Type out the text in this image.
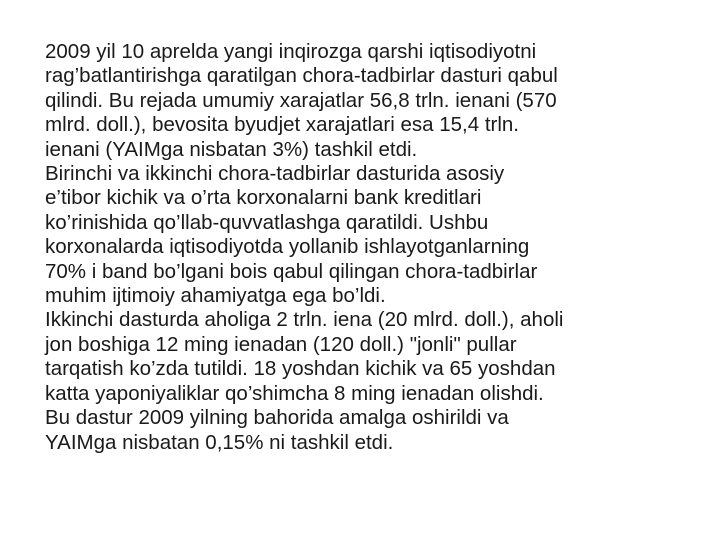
2009 yil 10 aprelda yangi inqirozga qarshi iqtisodiyotni
rag’batlantirishga qaratilgan chora-tadbirlar dasturi qabul
qilindi. Bu rejada umumiy xarajatlar 56,8 trln. ienani (570
mlrd. doll.), bevosita byudjet xarajatlari esa 15,4 trln.
ienani (YAIMga nisbatan 3%) tashkil etdi.

Birinchi va ikkinchi chora-tadbirlar dasturida asosiy
e’tibor kichik va o’rta korxonalarni bank kreditlari
ko’rinishida qo’llab-quvvatlashga qaratildi. Ushbu
korxonalarda iqtisodiyotda yollanib ishlayotganlarning
70% i band bo’lgani bois qabul qilingan chora-tadbirlar
muhim ijtimoiy ahamiyatga ega bo’ldi.

Ikkinchi dasturda aholiga 2 trln. iena (20 mlrd. doll.), aholi
jon boshiga 12 ming ienadan (120 doll.) "jonli" pullar
tarqatish ko’zda tutildi. 18 yoshdan kichik va 65 yoshdan
katta yaponiyaliklar qo’shimcha 8 ming ienadan olishdi.
Bu dastur 2009 yilning bahorida amalga oshirildi va
YAIMga nisbatan 0,15% ni tashkil etdi.
